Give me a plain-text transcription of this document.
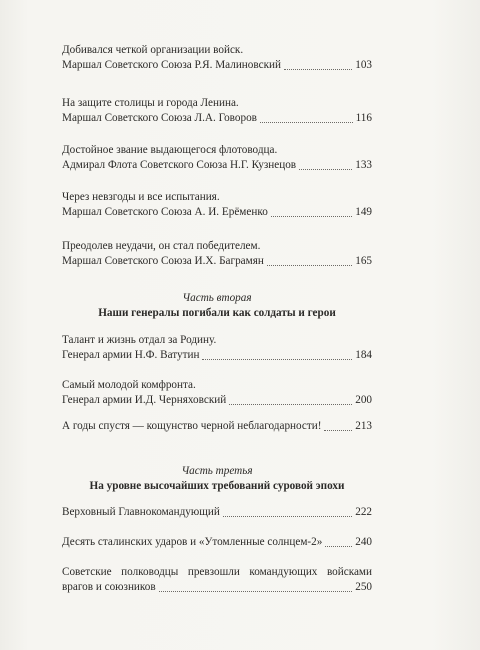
Добивался четкой организации войск.
Маршал Советского Союза Р.Я. Малиновский	103
На защите столицы и города Ленина.
Маршал Советского Союза Л.А. Говоров	116
Достойное звание выдающегося флотоводца.
Адмирал Флота Советского Союза Н.Г. Кузнецов	133
Через невзгоды и все испытания.
Маршал Советского Союза А. И. Ерёменко	149
Преодолев неудачи, он стал победителем.
Маршал Советского Союза И.Х. Баграмян	165
Часть вторая
Наши генералы погибали как солдаты и герои
Талант и жизнь отдал за Родину.
Генерал армии Н.Ф. Ватутин	184
Самый молодой комфронта.
Генерал армии И.Д. Черняховский	200
А годы спустя — кощунство черной неблагодарности!	213
Часть третья
На уровне высочайших требований суровой эпохи
Верховный Главнокомандующий	222
Десять сталинских ударов и «Утомленные солнцем-2»	240
Советские полководцы превзошли командующих войсками
врагов и союзников	250
